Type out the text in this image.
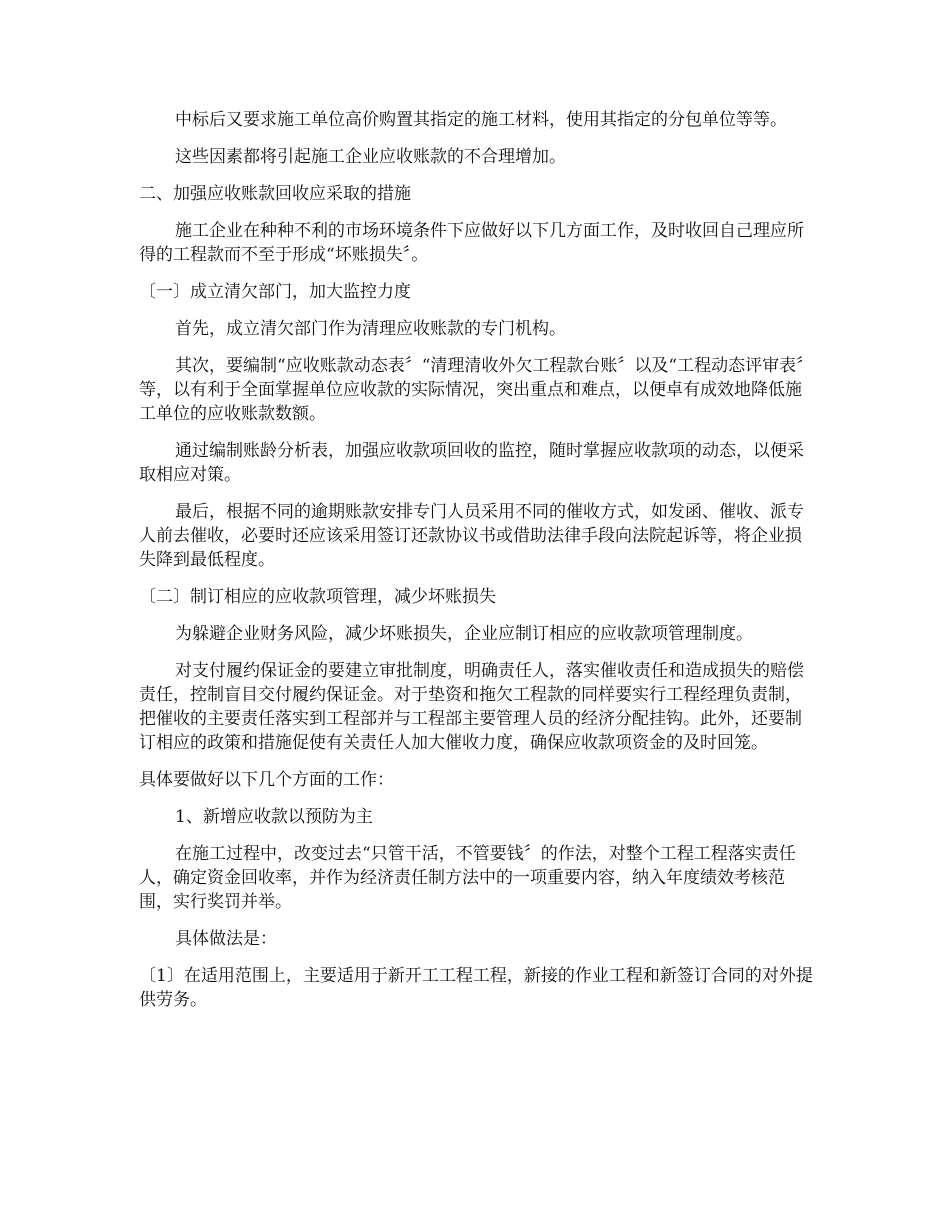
中标后又要求施工单位高价购置其指定的施工材料，使用其指定的分包单位等等。

这些因素都将引起施工企业应收账款的不合理增加。

二、加强应收账款回收应采取的措施

施工企业在种种不利的市场环境条件下应做好以下几方面工作，及时收回自己理应所得的工程款而不至于形成“坏账损失〞。

〔一〕成立清欠部门，加大监控力度

首先，成立清欠部门作为清理应收账款的专门机构。

其次，要编制“应收账款动态表〞“清理清收外欠工程款台账〞以及“工程动态评审表〞等，以有利于全面掌握单位应收款的实际情况，突出重点和难点，以便卓有成效地降低施工单位的应收账款数额。

通过编制账龄分析表，加强应收款项回收的监控，随时掌握应收款项的动态，以便采取相应对策。

最后，根据不同的逾期账款安排专门人员采用不同的催收方式，如发函、催收、派专人前去催收，必要时还应该采用签订还款协议书或借助法律手段向法院起诉等，将企业损失降到最低程度。

〔二〕制订相应的应收款项管理，减少坏账损失

为躲避企业财务风险，减少坏账损失，企业应制订相应的应收款项管理制度。

对支付履约保证金的要建立审批制度，明确责任人，落实催收责任和造成损失的赔偿责任，控制盲目交付履约保证金。对于垫资和拖欠工程款的同样要实行工程经理负责制，把催收的主要责任落实到工程部并与工程部主要管理人员的经济分配挂钩。此外，还要制订相应的政策和措施促使有关责任人加大催收力度，确保应收款项资金的及时回笼。

具体要做好以下几个方面的工作：

1、新增应收款以预防为主

在施工过程中，改变过去“只管干活，不管要钱〞的作法，对整个工程工程落实责任人，确定资金回收率，并作为经济责任制方法中的一项重要内容，纳入年度绩效考核范围，实行奖罚并举。

具体做法是：

〔1〕在适用范围上，主要适用于新开工工程工程，新接的作业工程和新签订合同的对外提供劳务。
